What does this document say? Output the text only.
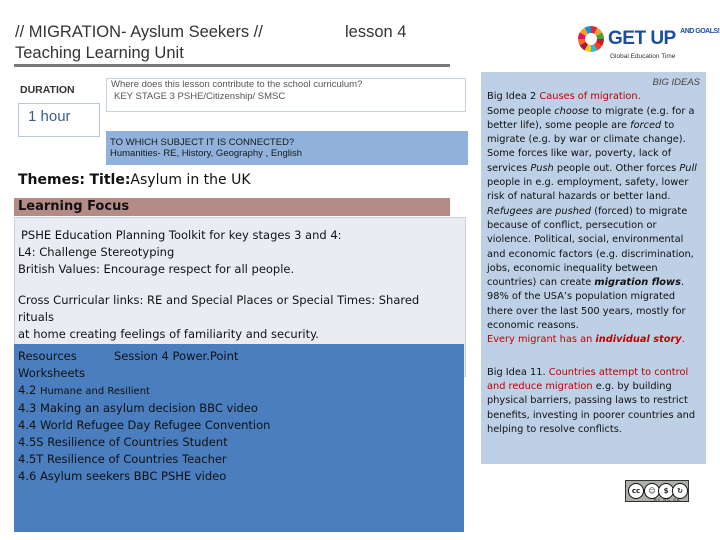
// MIGRATION- Ayslum Seekers //
Teaching Learning Unit
lesson 4	GET UP $^{AND GOALS!}$
Global Education Time
DURATION
1 hour
Where does this lesson contribute to the school curriculum?
KEY STAGE 3 PSHE/Citizenship/ SMSC
TO WHICH SUBJECT IT IS CONNECTED?
Humanities- RE, History, Geography , English
Themes: Title:Asylum in the UK
Learning Focus
PSHE Education Planning Toolkit for key stages 3 and 4:
L4: Challenge Stereotyping
British Values: Encourage respect for all people.
Cross Curricular links: RE and Special Places or Special Times: Shared rituals
at home creating feelings of familiarity and security.
Resources	Session 4 Power.Point
Worksheets
4.2 Humane and Resilient
4.3 Making an asylum decision BBC video
4.4 World Refugee Day Refugee Convention
4.5S Resilience of Countries Student
4.5T Resilience of Countries Teacher
4.6 Asylum seekers BBC PSHE video
BIG IDEAS
Big Idea 2 Causes of migration.
Some people choose to migrate (e.g. for a better life), some people are forced to migrate (e.g. by war or climate change). Some forces like war, poverty, lack of services Push people out. Other forces Pull people in e.g. employment, safety, lower risk of natural hazards or better land. Refugees are pushed (forced) to migrate because of conflict, persecution or violence. Political, social, environmental and economic factors (e.g. discrimination, jobs, economic inequality between countries) can create migration flows. 98% of the USA’s population migrated there over the last 500 years, mostly for economic reasons.
Every migrant has an individual story.
Big Idea 11. Countries attempt to control and reduce migration e.g. by building physical barriers, passing laws to restrict benefits, investing in poorer countries and helping to resolve conflicts.
cc	☺	$	↻
BY NC SA
